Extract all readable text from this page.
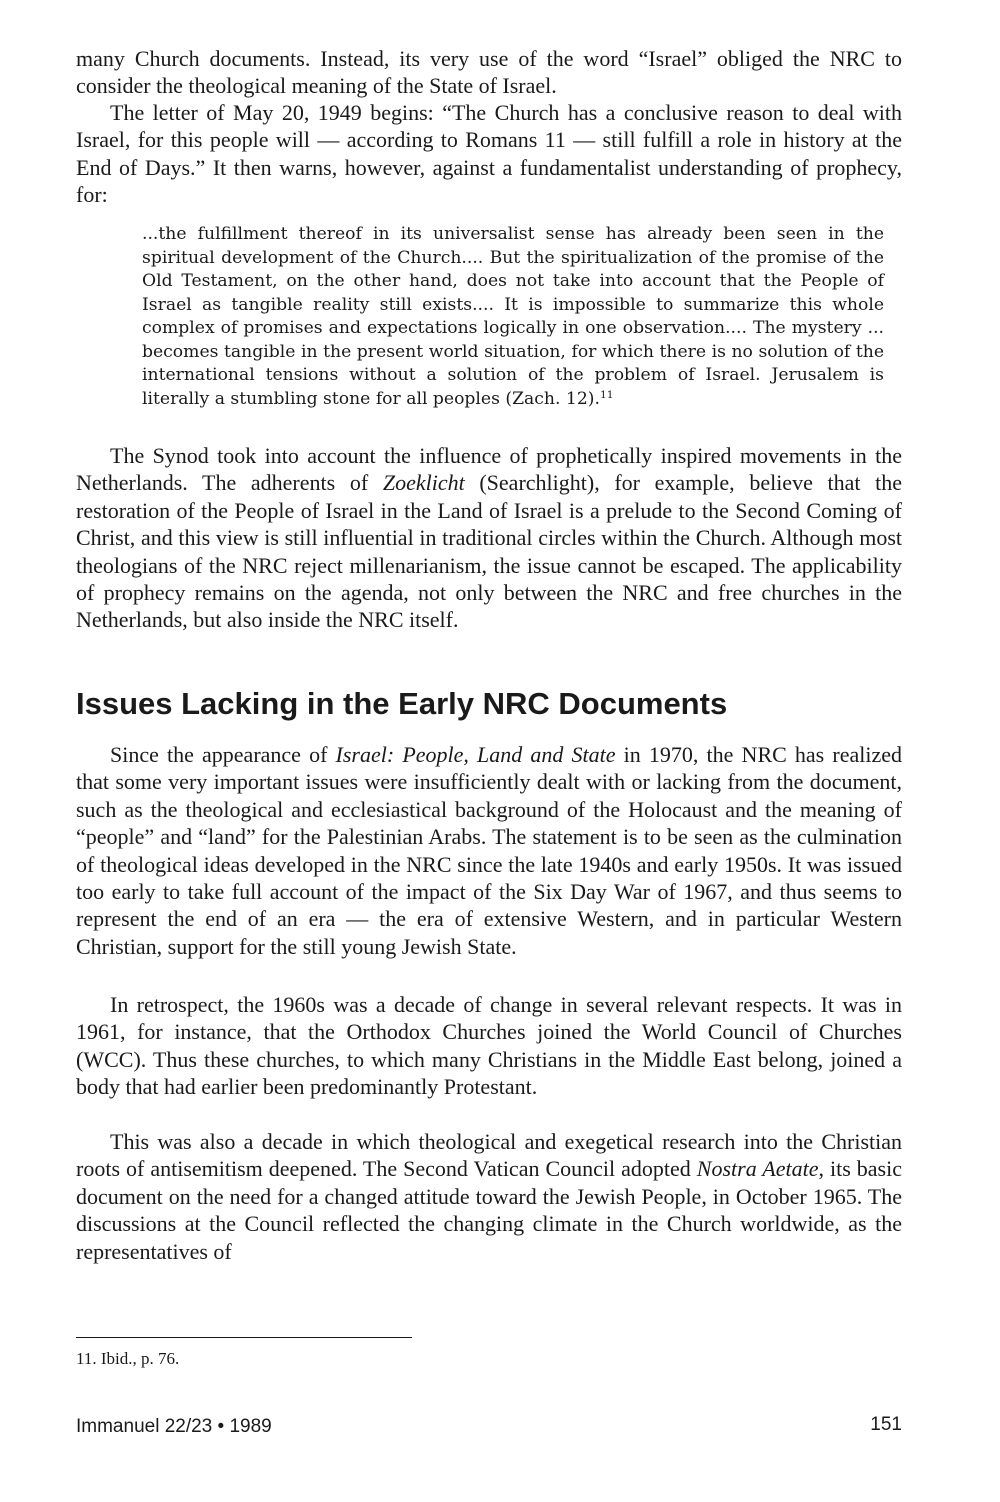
many Church documents. Instead, its very use of the word “Israel” obliged the NRC to consider the theological meaning of the State of Israel.

The letter of May 20, 1949 begins: “The Church has a conclusive reason to deal with Israel, for this people will — according to Romans 11 — still fulfill a role in history at the End of Days.” It then warns, however, against a fundamentalist understanding of prophecy, for:

...the fulfillment thereof in its universalist sense has already been seen in the spiritual development of the Church.... But the spiritualization of the promise of the Old Testament, on the other hand, does not take into account that the People of Israel as tangible reality still exists.... It is impossible to summarize this whole complex of promises and expectations logically in one observation.... The mystery ... becomes tangible in the present world situation, for which there is no solution of the international tensions without a solution of the problem of Israel. Jerusalem is literally a stumbling stone for all peoples (Zach. 12).$^{11}$

The Synod took into account the influence of prophetically inspired movements in the Netherlands. The adherents of Zoeklicht (Searchlight), for example, believe that the restoration of the People of Israel in the Land of Israel is a prelude to the Second Coming of Christ, and this view is still influential in traditional circles within the Church. Although most theologians of the NRC reject millenarianism, the issue cannot be escaped. The applicability of prophecy remains on the agenda, not only between the NRC and free churches in the Netherlands, but also inside the NRC itself.

Issues Lacking in the Early NRC Documents

Since the appearance of Israel: People, Land and State in 1970, the NRC has realized that some very important issues were insufficiently dealt with or lacking from the document, such as the theological and ecclesiastical background of the Holocaust and the meaning of “people” and “land” for the Palestinian Arabs. The statement is to be seen as the culmination of theological ideas developed in the NRC since the late 1940s and early 1950s. It was issued too early to take full account of the impact of the Six Day War of 1967, and thus seems to represent the end of an era — the era of extensive Western, and in particular Western Christian, support for the still young Jewish State.

In retrospect, the 1960s was a decade of change in several relevant respects. It was in 1961, for instance, that the Orthodox Churches joined the World Council of Churches (WCC). Thus these churches, to which many Christians in the Middle East belong, joined a body that had earlier been predominantly Protestant.

This was also a decade in which theological and exegetical research into the Christian roots of antisemitism deepened. The Second Vatican Council adopted Nostra Aetate, its basic document on the need for a changed attitude toward the Jewish People, in October 1965. The discussions at the Council reflected the changing climate in the Church worldwide, as the representatives of

11. Ibid., p. 76.

Immanuel 22/23 • 1989	151
